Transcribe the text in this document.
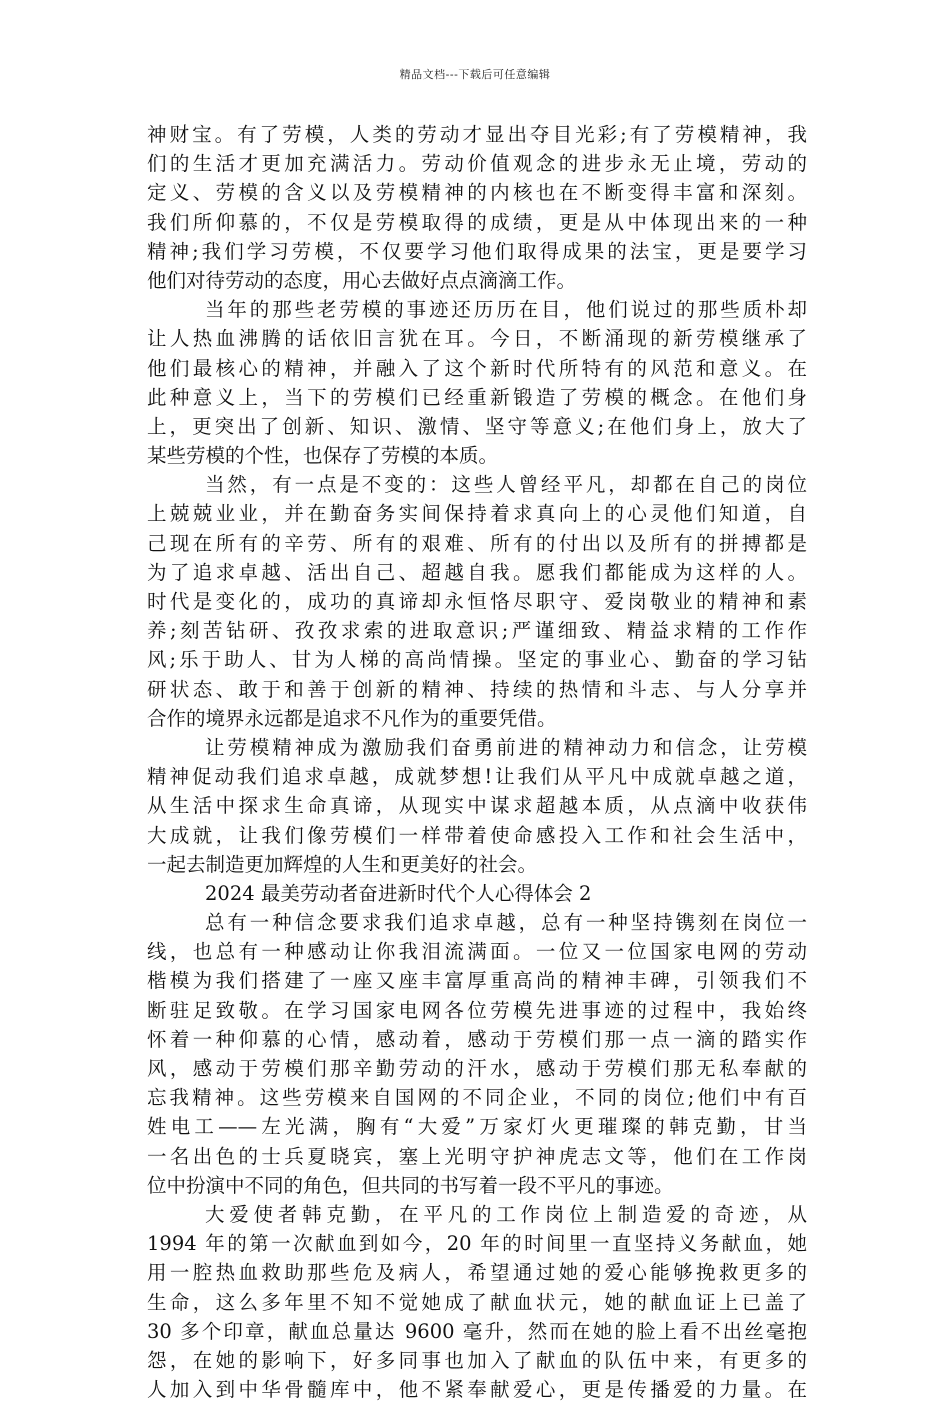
精品文档---下载后可任意编辑
神财宝。有了劳模，人类的劳动才显出夺目光彩;有了劳模精神，我
们的生活才更加充满活力。劳动价值观念的进步永无止境，劳动的
定义、劳模的含义以及劳模精神的内核也在不断变得丰富和深刻。
我们所仰慕的，不仅是劳模取得的成绩，更是从中体现出来的一种
精神;我们学习劳模，不仅要学习他们取得成果的法宝，更是要学习
他们对待劳动的态度，用心去做好点点滴滴工作。
当年的那些老劳模的事迹还历历在目，他们说过的那些质朴却
让人热血沸腾的话依旧言犹在耳。今日，不断涌现的新劳模继承了
他们最核心的精神，并融入了这个新时代所特有的风范和意义。在
此种意义上，当下的劳模们已经重新锻造了劳模的概念。在他们身
上，更突出了创新、知识、激情、坚守等意义;在他们身上，放大了
某些劳模的个性，也保存了劳模的本质。
当然，有一点是不变的：这些人曾经平凡，却都在自己的岗位
上兢兢业业，并在勤奋务实间保持着求真向上的心灵他们知道，自
己现在所有的辛劳、所有的艰难、所有的付出以及所有的拼搏都是
为了追求卓越、活出自己、超越自我。愿我们都能成为这样的人。
时代是变化的，成功的真谛却永恒恪尽职守、爱岗敬业的精神和素
养;刻苦钻研、孜孜求索的进取意识;严谨细致、精益求精的工作作
风;乐于助人、甘为人梯的高尚情操。坚定的事业心、勤奋的学习钻
研状态、敢于和善于创新的精神、持续的热情和斗志、与人分享并
合作的境界永远都是追求不凡作为的重要凭借。
让劳模精神成为激励我们奋勇前进的精神动力和信念，让劳模
精神促动我们追求卓越，成就梦想!让我们从平凡中成就卓越之道，
从生活中探求生命真谛，从现实中谋求超越本质，从点滴中收获伟
大成就，让我们像劳模们一样带着使命感投入工作和社会生活中，
一起去制造更加辉煌的人生和更美好的社会。
2024 最美劳动者奋进新时代个人心得体会 2
总有一种信念要求我们追求卓越，总有一种坚持镌刻在岗位一
线，也总有一种感动让你我泪流满面。一位又一位国家电网的劳动
楷模为我们搭建了一座又座丰富厚重高尚的精神丰碑，引领我们不
断驻足致敬。在学习国家电网各位劳模先进事迹的过程中，我始终
怀着一种仰慕的心情，感动着，感动于劳模们那一点一滴的踏实作
风，感动于劳模们那辛勤劳动的汗水，感动于劳模们那无私奉献的
忘我精神。这些劳模来自国网的不同企业，不同的岗位;他们中有百
姓电工——左光满，胸有“大爱”万家灯火更璀璨的韩克勤，甘当
一名出色的士兵夏晓宾，塞上光明守护神虎志文等，他们在工作岗
位中扮演中不同的角色，但共同的书写着一段不平凡的事迹。
大爱使者韩克勤，在平凡的工作岗位上制造爱的奇迹，从
1994 年的第一次献血到如今，20 年的时间里一直坚持义务献血，她
用一腔热血救助那些危及病人，希望通过她的爱心能够挽救更多的
生命，这么多年里不知不觉她成了献血状元，她的献血证上已盖了
30 多个印章，献血总量达 9600 毫升，然而在她的脸上看不出丝毫抱
怨，在她的影响下，好多同事也加入了献血的队伍中来，有更多的
人加入到中华骨髓库中，他不紧奉献爱心，更是传播爱的力量。在
